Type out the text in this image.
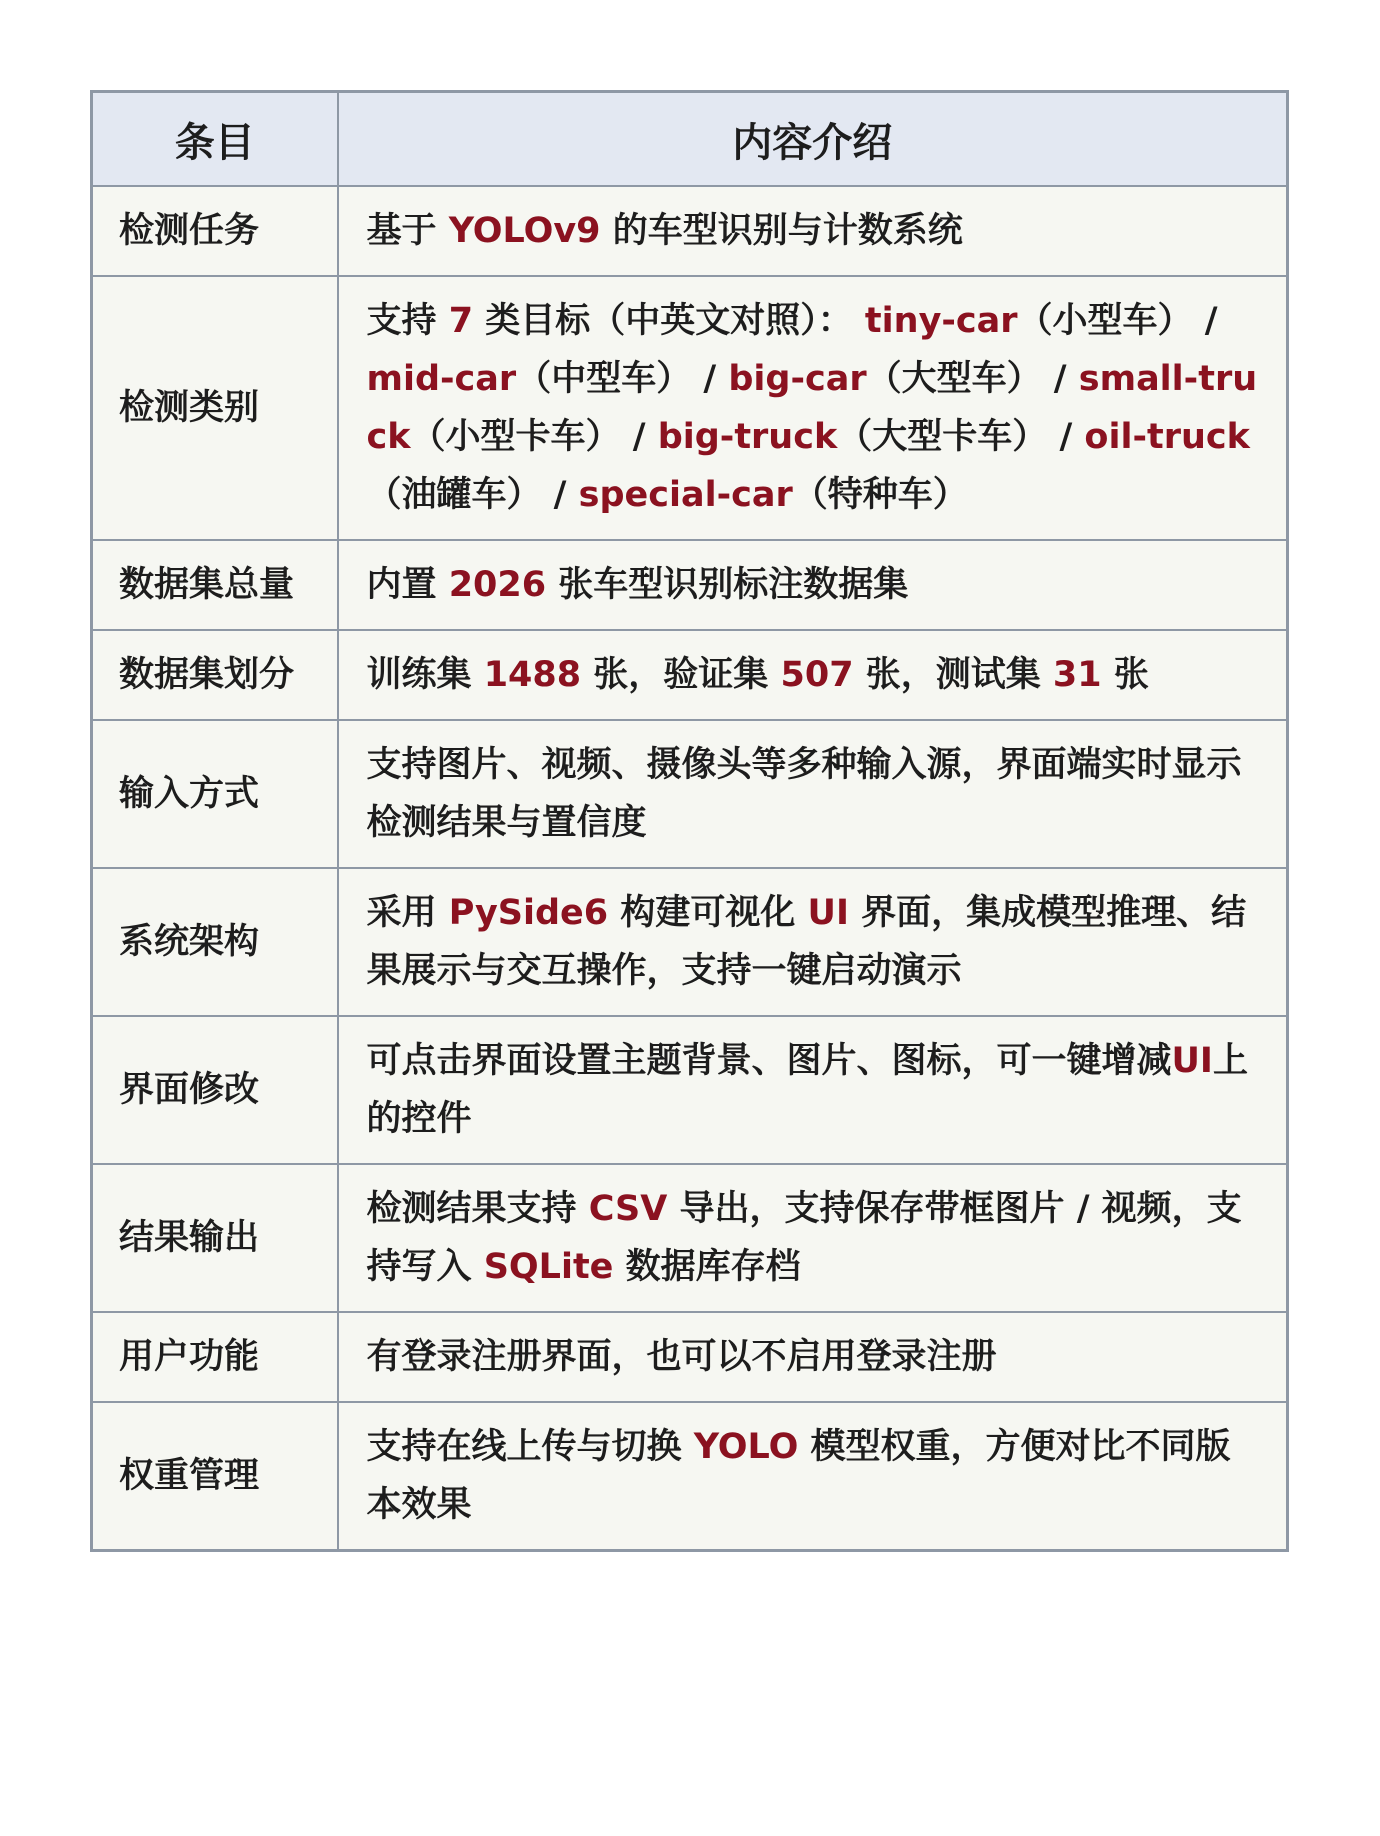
条目	内容介绍
检测任务	基于 YOLOv9 的车型识别与计数系统
检测类别	支持 7 类目标（中英文对照）： tiny-car（小型车） / mid-car（中型车） / big-car（大型车） / small-truck（小型卡车） / big-truck（大型卡车） / oil-truck（油罐车） / special-car（特种车）
数据集总量	内置 2026 张车型识别标注数据集
数据集划分	训练集 1488 张，验证集 507 张，测试集 31 张
输入方式	支持图片、视频、摄像头等多种输入源，界面端实时显示检测结果与置信度
系统架构	采用 PySide6 构建可视化 UI 界面，集成模型推理、结果展示与交互操作，支持一键启动演示
界面修改	可点击界面设置主题背景、图片、图标，可一键增减UI上的控件
结果输出	检测结果支持 CSV 导出，支持保存带框图片 / 视频，支持写入 SQLite 数据库存档
用户功能	有登录注册界面，也可以不启用登录注册
权重管理	支持在线上传与切换 YOLO 模型权重，方便对比不同版本效果
